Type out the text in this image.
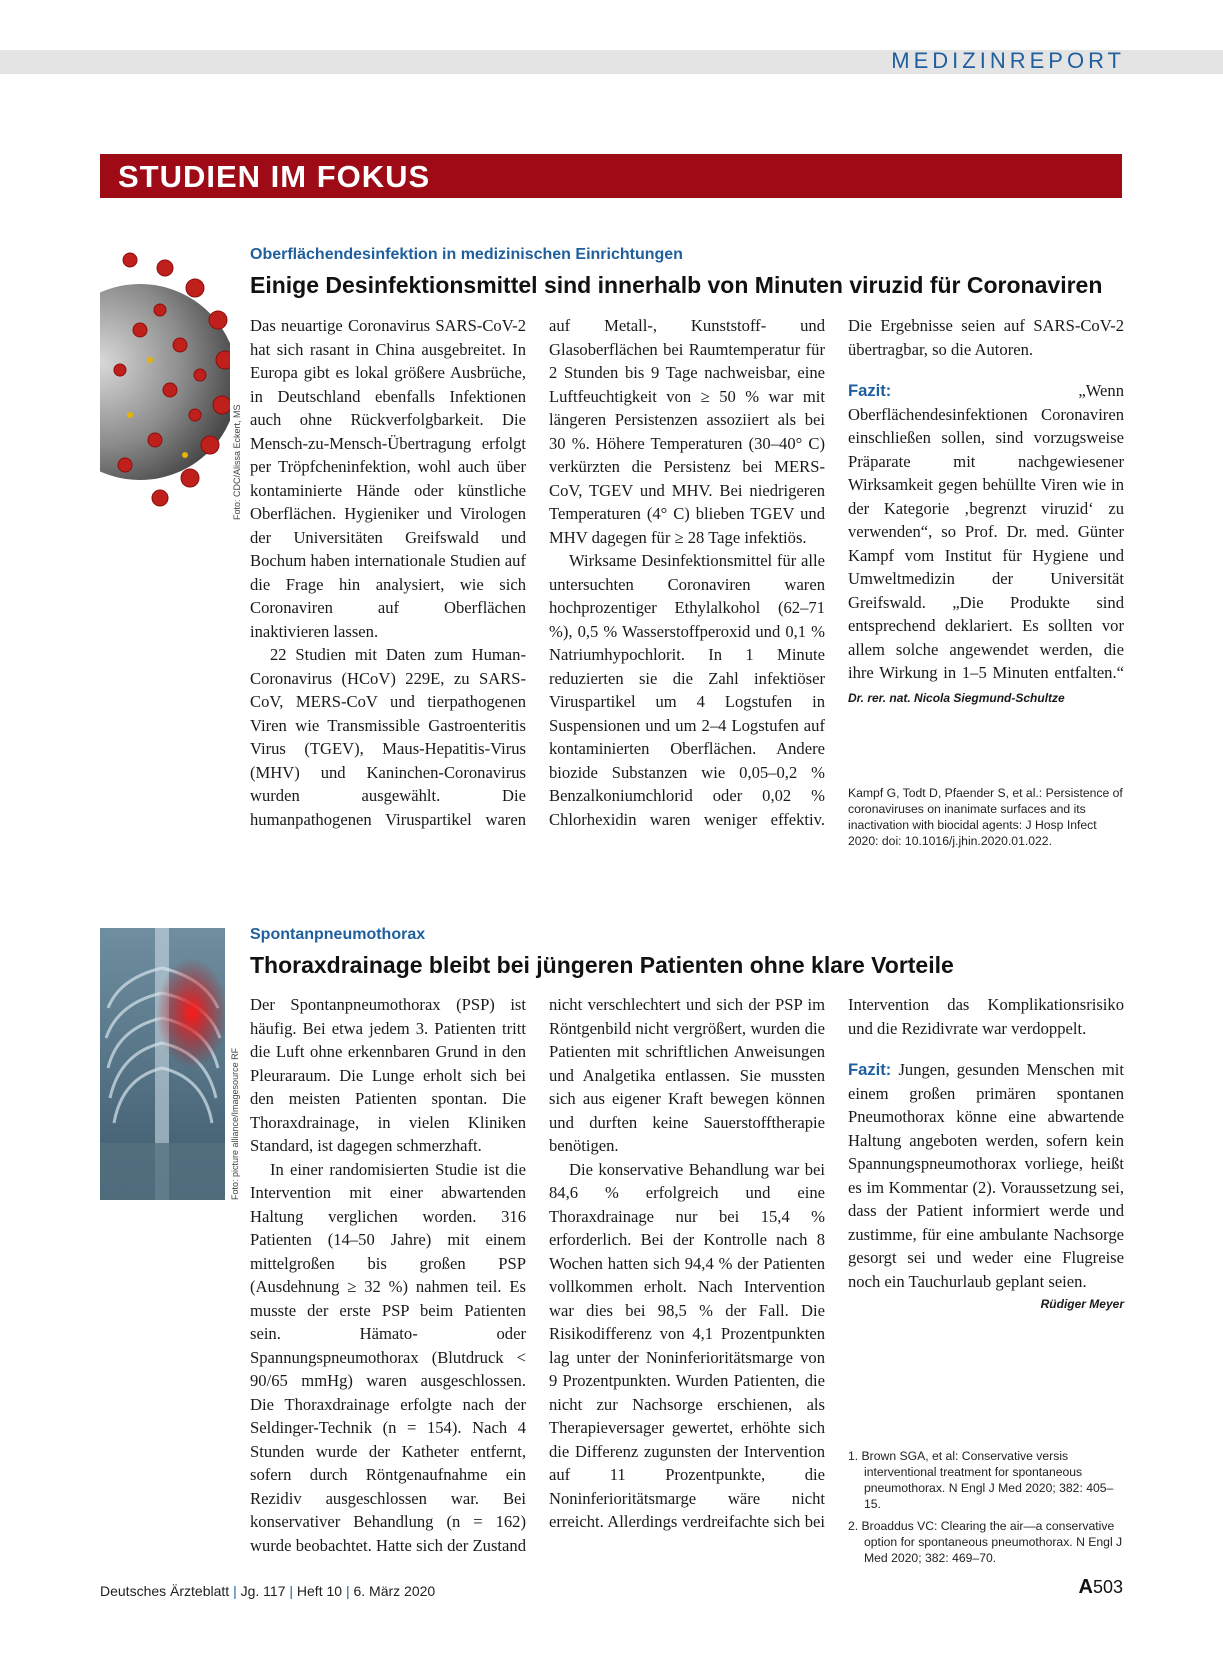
MEDIZINREPORT
STUDIEN IM FOKUS
Foto: CDC/Alissa Eckert, MS
Oberflächendesinfektion in medizinischen Einrichtungen
Einige Desinfektionsmittel sind innerhalb von Minuten viruzid für Coronaviren

Das neuartige Coronavirus SARS-CoV-2 hat sich rasant in China ausgebreitet. In Europa gibt es lokal größere Ausbrüche, in Deutschland ebenfalls Infektionen auch ohne Rückverfolgbarkeit. Die Mensch-zu-Mensch-Übertragung erfolgt per Tröpfcheninfektion, wohl auch über kontaminierte Hände oder künstliche Oberflächen. Hygieniker und Virologen der Universitäten Greifswald und Bochum haben internationale Studien auf die Frage hin analysiert, wie sich Coronaviren auf Oberflächen inaktivieren lassen.

22 Studien mit Daten zum Human-Coronavirus (HCoV) 229E, zu SARS-CoV, MERS-CoV und tierpathogenen Viren wie Transmissible Gastroenteritis Virus (TGEV), Maus-Hepatitis-Virus (MHV) und Kaninchen-Coronavirus wurden ausgewählt. Die humanpathogenen Viruspartikel waren auf Metall-, Kunststoff- und Glasoberflächen bei Raumtemperatur für 2 Stunden bis 9 Tage nachweisbar, eine Luftfeuchtigkeit von ≥ 50 % war mit längeren Persistenzen assoziiert als bei 30 %. Höhere Temperaturen (30–40° C) verkürzten die Persistenz bei MERS-CoV, TGEV und MHV. Bei niedrigeren Temperaturen (4° C) blieben TGEV und MHV dagegen für ≥ 28 Tage infektiös.

Wirksame Desinfektionsmittel für alle untersuchten Coronaviren waren hochprozentiger Ethylalkohol (62–71 %), 0,5 % Wasserstoffperoxid und 0,1 % Natriumhypochlorit. In 1 Minute reduzierten sie die Zahl infektiöser Viruspartikel um 4 Logstufen in Suspensionen und um 2–4 Logstufen auf kontaminierten Oberflächen. Andere biozide Substanzen wie 0,05–0,2 % Benzalkoniumchlorid oder 0,02 % Chlorhexidin waren weniger effektiv. Die Ergebnisse seien auf SARS-CoV-2 übertragbar, so die Autoren.

Fazit:	„Wenn Oberflächendesinfektionen Coronaviren einschließen sollen, sind vorzugsweise Präparate mit nachgewiesener Wirksamkeit gegen behüllte Viren wie in der Kategorie ‚begrenzt viruzid‘ zu verwenden“, so Prof. Dr. med. Günter Kampf vom Institut für Hygiene und Umweltmedizin der Universität Greifswald. „Die Produkte sind entsprechend deklariert. Es sollten vor allem solche angewendet werden, die ihre Wirkung in 1–5 Minuten entfalten.“ Dr. rer. nat. Nicola Siegmund-Schultze

Kampf G, Todt D, Pfaender S, et al.: Persistence of coronaviruses on inanimate surfaces and its inactivation with biocidal agents: J Hosp Infect 2020: doi: 10.1016/j.jhin.2020.01.022.

Foto: picture alliance/Imagesource RF
Spontanpneumothorax
Thoraxdrainage bleibt bei jüngeren Patienten ohne klare Vorteile

Der Spontanpneumothorax (PSP) ist häufig. Bei etwa jedem 3. Patienten tritt die Luft ohne erkennbaren Grund in den Pleuraraum. Die Lunge erholt sich bei den meisten Patienten spontan. Die Thoraxdrainage, in vielen Kliniken Standard, ist dagegen schmerzhaft.

In einer randomisierten Studie ist die Intervention mit einer abwartenden Haltung verglichen worden. 316 Patienten (14–50 Jahre) mit einem mittelgroßen bis großen PSP (Ausdehnung ≥ 32 %) nahmen teil. Es musste der erste PSP beim Patienten sein. Hämato- oder Spannungspneumothorax (Blutdruck < 90/65 mmHg) waren ausgeschlossen. Die Thoraxdrainage erfolgte nach der Seldinger-Technik (n = 154). Nach 4 Stunden wurde der Katheter entfernt, sofern durch Röntgenaufnahme ein Rezidiv ausgeschlossen war. Bei konservativer Behandlung (n = 162) wurde beobachtet. Hatte sich der Zustand nicht verschlechtert und sich der PSP im Röntgenbild nicht vergrößert, wurden die Patienten mit schriftlichen Anweisungen und Analgetika entlassen. Sie mussten sich aus eigener Kraft bewegen können und durften keine Sauerstofftherapie benötigen.

Die konservative Behandlung war bei 84,6 % erfolgreich und eine Thoraxdrainage nur bei 15,4 % erforderlich. Bei der Kontrolle nach 8 Wochen hatten sich 94,4 % der Patienten vollkommen erholt. Nach Intervention war dies bei 98,5 % der Fall. Die Risikodifferenz von 4,1 Prozentpunkten lag unter der Noninferioritätsmarge von 9 Prozentpunkten. Wurden Patienten, die nicht zur Nachsorge erschienen, als Therapieversager gewertet, erhöhte sich die Differenz zugunsten der Intervention auf 11 Prozentpunkte, die Noninferioritätsmarge wäre nicht erreicht. Allerdings verdreifachte sich bei Intervention das Komplikationsrisiko und die Rezidivrate war verdoppelt.

Fazit: Jungen, gesunden Menschen mit einem großen primären spontanen Pneumothorax könne eine abwartende Haltung angeboten werden, sofern kein Spannungspneumothorax vorliege, heißt es im Kommentar (2). Voraussetzung sei, dass der Patient informiert werde und zustimme, für eine ambulante Nachsorge gesorgt sei und weder eine Flugreise noch ein Tauchurlaub geplant seien.
Rüdiger Meyer

1. Brown SGA, et al: Conservative versis interventional treatment for spontaneous pneumothorax. N Engl J Med 2020; 382: 405–15.

2. Broaddus VC: Clearing the air—a conservative option for spontaneous pneumothorax. N Engl J Med 2020; 382: 469–70.

Deutsches Ärzteblatt | Jg. 117 | Heft 10 | 6. März 2020	A503
